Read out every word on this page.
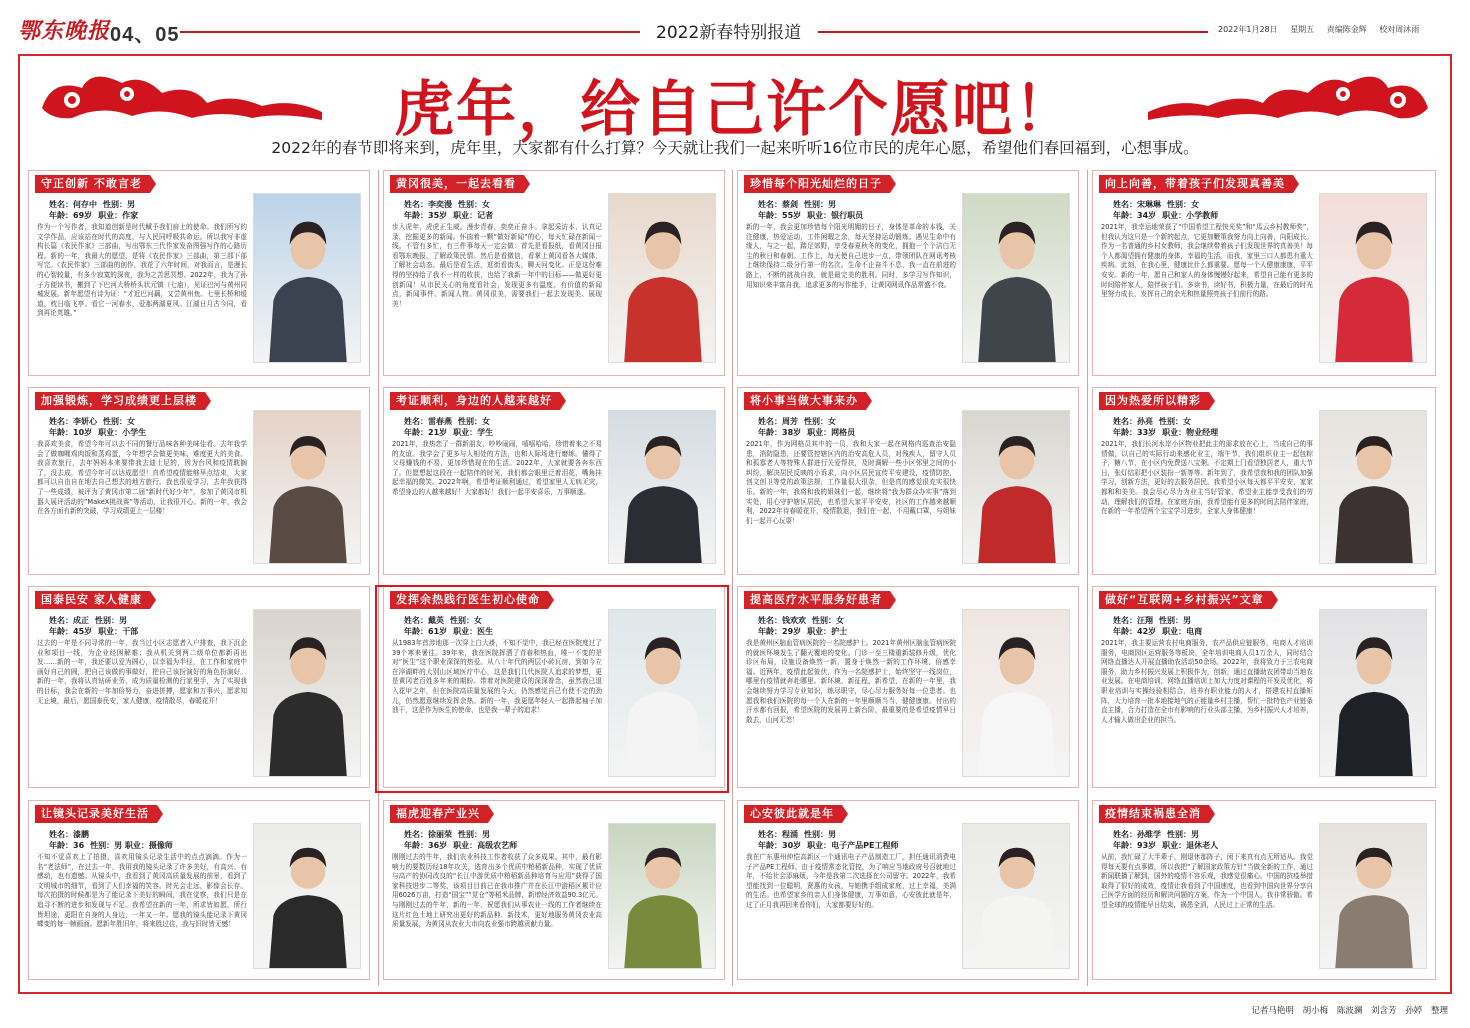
鄂东晚报 04、05	2022新春特别报道	2022年1月28日 星期五 责编陈金辉 校对周沐雨
虎年，给自己许个愿吧！
2022年的春节即将来到，虎年里，大家都有什么打算？今天就让我们一起来听听16位市民的虎年心愿，希望他们春回福到，心想事成。
守正创新 不敢言老
姓名：何存中 性别：男
年龄：69岁 职业：作家
作为一个写作者，我知道创新是时代赋予我们肩上的使命。我们所写的文学作品，应该站在时代的高度，与人民同呼吸共命运。所以我写非虚构长篇《农民作家》三部曲，写出鄂东三代作家发奋图强写作的心路历程。新的一年，我最大的愿望，是将《农民作家》三部曲，第三部下部写完。《农民作家》三部曲的创作，我花了六年时间，对我而言，是漫长的心智较量，有多少寂寞的深夜，我为之苦思冥想。2022年，我为了孙子方便读书，搬到了下巴河大桥桥头状元镇（七庙），见证巴河与黄州同城发展。新年愿望有诗为证：“才近巴河藕，又尝黄州鱼。七里长桥和缓道，枕日临飞亭。看它一河春水，爱那两湖夏风。江湖日月古今同，看到再论英雄。”
黄冈很美，一起去看看
姓名：李奕漫 性别：女
年龄：35岁 职业：记者
步入虎年，虎虎正生威。漫步青春，奕奕正奋斗。拿起采访本，认真记录，挖掘更多的新闻。怀揣着一颗“做好新闻”的心，每天忙碌在新闻一线。不管有多忙，有三件事每天一定会做：首先是看报纸，看黄冈日报看鄂东晚报，了解政策民情。然后是看微信，看掌上黄冈看各大媒体，了解社会动态。最后是看生活，逛街看街头，聊天问变化。正是这份难得的坚持给了我不一样的收获，也给了我新一年中的目标——做更好更创新闻！从市民关心的角度看社会，发现更多有温度、有价值的新闻点，新闻事件、新闻人物。黄冈很美，需要我们一起去发现美、展现美！
珍惜每个阳光灿烂的日子
姓名：蔡剑 性别：男
年龄：55岁 职业：银行职员
新的一年，我会更加珍惜每个阳光明媚的日子，身体是革命的本钱，关注健康，热爱运动，工作闲暇之余，每天坚持运动锻炼。遇见生命中有缘人，与之一起，踏足郊野，享受春夏秋冬的变化，拥抱一个个洁白无尘的秋日和春朝。工作上，每天使自己进步一点，带领团队在网讯考核上继续保持二级分行第一的名次。生命不止奋斗不息，我一直在前进的路上，不断的挑战自我，就是最完美的胜利。同时，多学习写作知识，用知识来丰富自我，追求更多的写作能手，让黄冈网讯作品常盛不衰。
向上向善，带着孩子们发现真善美
姓名：宋琳琳 性别：女
年龄：34岁 职业：小学教师
2021年，我幸运地荣获了“中国希望工程快光奖”和“馬云乡村教师奖”，但我认为这只是一个新的起点，它更加鞭策我努力向上向善，向阳成长。作为一名普通的乡村女教师，我会继续带着孩子们发现世界的真善美！每个人都渴望拥有健康的身体，幸福的生活。而我，家里三口人都患有重大疾病。此刻，在我心里，健康比什么都重要。愿每一个人健康康康，平平安安。新的一年，愿自己和家人的身体慢慢好起来，希望自己能有更多的时间陪伴家人，陪伴孩子们。多读书，读好书，积极力量，在最后的时光里努力成长，发挥自己的余光和热量照亮孩子们前行的路。
加强锻炼，学习成绩更上层楼
姓名：李妍心 性别：女
年龄：10岁 职业：小学生
我喜欢美食，希望今年可以去不同的餐厅品味各种美味佳肴。去年我学会了做咖喱鸡肉饭和蒸鸡蛋，今年想学会做更美味、难度更大的美食。我喜欢旅行，去年妈妈本来要带我去迪士尼的，因为台风和疫情耽搁了，没去成，希望今年可以达成愿望！真希望疫情能够早点结束，大家都可以自由自在地去自己想去的地方旅行。我也很爱学习，去年我获得了一些成绩，被评为了黄冈市第二届“新时代好少年”，参加了黄冈市机器人展评活动的“MakeX挑战赛”等活动，让我很开心。新的一年，我会在各方面有新的突破，学习成绩更上一层楼！
考证顺利，身边的人越来越好
姓名：雷春燕 性别：女
年龄：21岁 职业：学生
2021年，我热恋了一群新朋友，吵吵闹闹，嘻嘻哈哈，珍惜着来之不易的友谊。我学会了更多与人相处的方法，也和人际场进行磨练。懂得了父母赚钱的不易，更加珍惜现在的生活。2022年，大家就要各奔东西了。但愿想起这段在一起陪伴的时光，我们都会眼里泛着泪花，嘴角挂起幸福的微笑。2022年啊，希望考证顺利通过，希望家里人无病无灾，希望身边的人越来越好！大家都好！我们一起平安喜乐，万事顺遂。
将小事当做大事来办
姓名：周芳 性别：女
年龄：38岁 职业：网格员
2021年，作为网格员其中的一员，我和大家一起在网格内巡查治安隐患，消防隐患，还要管控辖区内的治安高危人员，对残疾人，留守人员和孤寡老人等特殊人群进行关爱帮扶，及时调解一些小区邻里之间的小纠纷，解决居民反映的小诉求，向小区居民宣传平安建设，疫情防控，创文创卫等党的政策法规，工作量很大很杂，但是真的感觉很充实很快乐。新的一年，我将和我的姐妹们一起，继续将“我为群众办实事”落到实处，用心守护辖区居民，也希望大家平平安安，社区的工作越来越顺利，2022年待春暖花开，疫情散退，我们在一起，不用戴口罩，与姐妹们一起开心玩耍！
因为热爱所以精彩
姓名：孙亮 性别：女
年龄：33岁 职业：物业经理
2021年，我们长河水岸小区物业把此主的需求放在心上，当成自己的事情做，以自己的实际行动来感化业主，端午节，我们组织业主一起包粽子，糖八节，在小区内免费送八宝粥。不定期上门看望独居老人，重大节日，张灯结彩把小区装扮一新等等。新年到了，我希望我和我的团队加强学习，创新方法，更好的去服务居民。我希望小区每天都平平安安，家家都和和美美。我会尽心尽力为业主当好管家，希望业主能享受我们的劳动，理解我们的管理。在家庭方面，我希望能有更多的时间去陪伴家庭，在新的一年希望两个宝宝学习进步，全家人身体健康！
国泰民安 家人健康
姓名：成正 性别：男
年龄：45岁 职业：干部
过去的一年是不同寻常的一年，我当过小区志愿者入户排查，我下沉企业和项目一线，为企业经困解难；我从机关到两二级单位都新再出发……新的一年，我还要以爱为圆心，以幸福为半径，在工作和家庭中画好自己的圆，把自己该做的事做好，把自己该扮演好的角色扮演好。新的一年，我将认真钻研业务，成为质量检测的行家里手，为了实现我的目标，我会在新的一年加倍努力，奋进拼搏，愿家和万事兴，愿求知无止境，最后，愿国泰民安，家人健康，疫情散尽，春暖花开！
发挥余热践行医生初心使命
姓名：戴英 性别：女
年龄：61岁 职业：医生
从1983年首涉地那一次穿上白大褂，不知不觉中，我已经在医院度过了39个寒来暑往。39年来，我在医院挥洒了青春和热血，唯一不变的是对“医生”这个职业深深的热爱。从八十年代的两层小砖瓦房，到如今立在淬湖畔的大别山区域医疗中心，这是我们几代医院人追求的梦想，更是黄冈老百姓多年来的期盼。带着对医院建设的深深眷念，虽然我已退入花甲之年，但在医院高质量发展的今天，仍然感觉自己有使不完的劲儿，仍然愿意继续发挥余热。新的一年，我更愿年轻人一起撸起袖子加油干，这是作为医生的使命，也是我一辈子的追求！
提高医疗水平服务好患者
姓名：钱欢欢 性别：女
年龄：29岁 职业：护士
我是黄州区脑血管病医院的一名院感护士。2021年黄州区脑血管病医院的就医环境发生了翻天覆地的变化。门诊一至三楼重新装修升级，优化诊区布局，设施设备焕然一新，置身于焕然一新的工作环境，倍感幸福。近两年，疫情此起彼伏，作为一名院感护士，始终坚守一线岗位，哪里有疫情就奔赴哪里。新环境，新征程，新希望，在新的一年里，我会继续努力学习专业知识，练尽职守，尽心尽力服务好每一位患者。也愿我和我们医院的每一个人在新的一年里顺顺当当，健健康康。付出的汗水都有回报，希望医院的发展再上新台阶，最重要的是希望疫情早日散去，山河无恙！
做好“互联网+乡村振兴”文章
姓名：汪翔 性别：男
年龄：42岁 职业：电商
2021年，我主要运营农村电商服务，农产品供应链服务，电商人才培训服务，电商园区运营服务等板块，全年培训电商人员1万余人，同时结合网络直播达人开展直播助农活动50余场。2022年，我将致力于三农电商服务，助力乡村振兴发展上积极作为，创新，通过直播助农团带动当地农业发展。在电商培训，网络直播培训上加大力度对课程的开发及优化，将职业培训与实操经验相结合，培养有职业能力的人才，搭建农村直播矩阵，大力培育一批本地接地气的正能量乡村主播，帮忙一批特色产业链条直主播，合力打造在全市有影响的行业头部主播，为乡村振兴人才培养，人才输入做出企业的担当。
让镜头记录美好生活
姓名：漆鹏
年龄：36 性别：男 职业：摄像师
不知不觉喜欢上了拍摄，喜欢用镜头记录生活中的点点滴滴。作为一名“老法师”，在过去一年，我用我的镜头记录了许多美好，有高兴、有感动，也有遗憾。从镜头中，我看到了黄冈高质量发展的前景，看到了文明城市的细节，看到了人们幸福的笑容。时光会走远，影像会长存。每次拍摄的时候都是为了能记录下美好的瞬间，我在觉察，我们只是在追寻不断的进步和发现与不足。我希望在新的一年，所求皆如愿，所行皆坦途，更阳在自身的人身边，一年又一年。愿我的镜头能记录下黄冈蝶变的每一帧画面。愿新年胜旧年，将来胜过往，我与旧时皆无憾！
福虎迎春产业兴
姓名：徐丽荣 性别：男
年龄：36岁 职业：高级农艺师
刚刚过去的牛年，我们农业科技工作者收获了众多成果。其中，最有影响力的要数历经18年攻关，选育出多个优质中粕稻新品种，实现了优质与高产的协同改良的“长江中游优质中粕稻新品种培育与应用”获得了国家科技进步二等奖，该项目目前已在我市推广并在长江中游稻区累计应用6026万亩，打造“国宝”“苋仓”等稻米品牌，新增经济效益90.3亿元。与刚刚过去的牛年，新的一年，祝愿我们从事农业一线的工作者继续在这片红色土地上研究出更好的新品种、新技术，更好地服务黄冈农业高质量发展，为黄冈从农业大市向农业强市跨越贡献力量。
心安彼此就是年
姓名：程涌 性别：男
年龄：30岁 职业：电子产品PE工程师
我在广东惠州仲恺高新区一个通讯电子产品制造工厂，担任通讯消费电子产品PE工程师。由于疫情常态化管控，为了响应当地政府号召就地过年，不给社会添麻烦，今年是我第二次选择在公司留守。2022年，我希望能找到一位聪明，贤惠的女孩，与她携手组成家庭，过上幸福，美满的生活。也希望家乡的亲人们身体健康，万事如意，心安彼此就是年，过了正月我再回来看你们，大家都要好好的。
疫情结束祸患全消
姓名：孙维学 性别：男
年龄：93岁 职业：退休老人
从前，我忙碌了大半辈子，刚退休那阵子，闲下来真有点无所适从。我觉得每天要有点事做，所以我把“了解国家政策方针”当做全新的工作，通过新闻联播了解到，国外的疫情不容乐观，我感觉很痛心。中国的抗疫举措取得了很好的成效，疫情让我看到了中国速度，也看到中国向世界分享自己医学方面的经历和解决问题的方案，作为一个中国人，我非常骄傲。希望全球的疫情能早日结束，祸患全消，人民过上正常的生活。
记者马艳明 胡小梅 陈波澜 刘含芳 孙婷 整理
